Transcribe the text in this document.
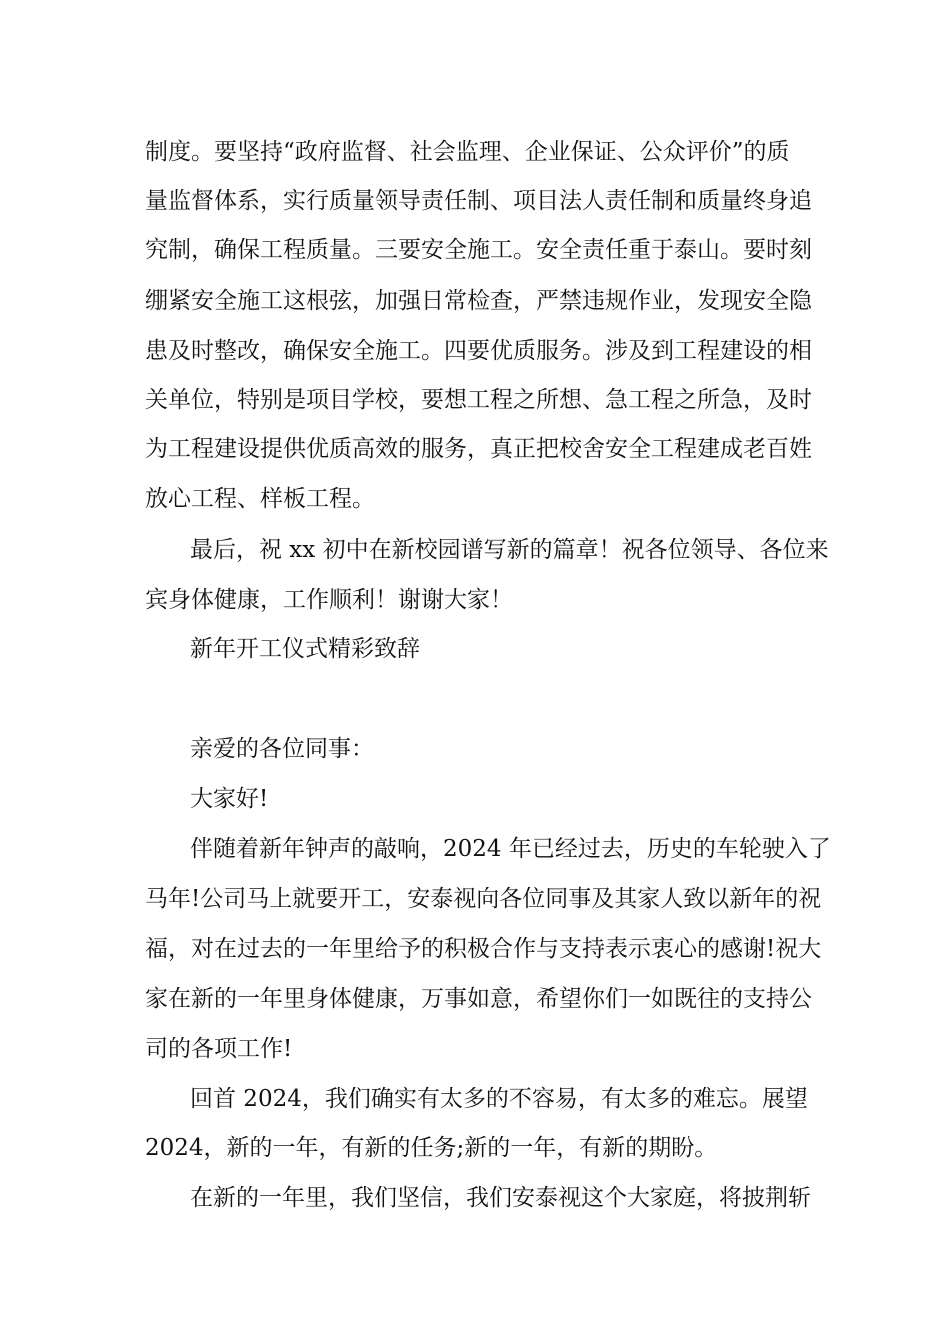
制度。要坚持“政府监督、社会监理、企业保证、公众评价”的质
量监督体系，实行质量领导责任制、项目法人责任制和质量终身追
究制，确保工程质量。三要安全施工。安全责任重于泰山。要时刻
绷紧安全施工这根弦，加强日常检查，严禁违规作业，发现安全隐
患及时整改，确保安全施工。四要优质服务。涉及到工程建设的相
关单位，特别是项目学校，要想工程之所想、急工程之所急，及时
为工程建设提供优质高效的服务，真正把校舍安全工程建成老百姓
放心工程、样板工程。
最后，祝 xx 初中在新校园谱写新的篇章！祝各位领导、各位来
宾身体健康，工作顺利！谢谢大家！
新年开工仪式精彩致辞
亲爱的各位同事：
大家好!
伴随着新年钟声的敲响，2024 年已经过去，历史的车轮驶入了
马年!公司马上就要开工，安泰视向各位同事及其家人致以新年的祝
福，对在过去的一年里给予的积极合作与支持表示衷心的感谢!祝大
家在新的一年里身体健康，万事如意，希望你们一如既往的支持公
司的各项工作!
回首 2024，我们确实有太多的不容易，有太多的难忘。展望
2024，新的一年，有新的任务;新的一年，有新的期盼。
在新的一年里，我们坚信，我们安泰视这个大家庭，将披荆斩
